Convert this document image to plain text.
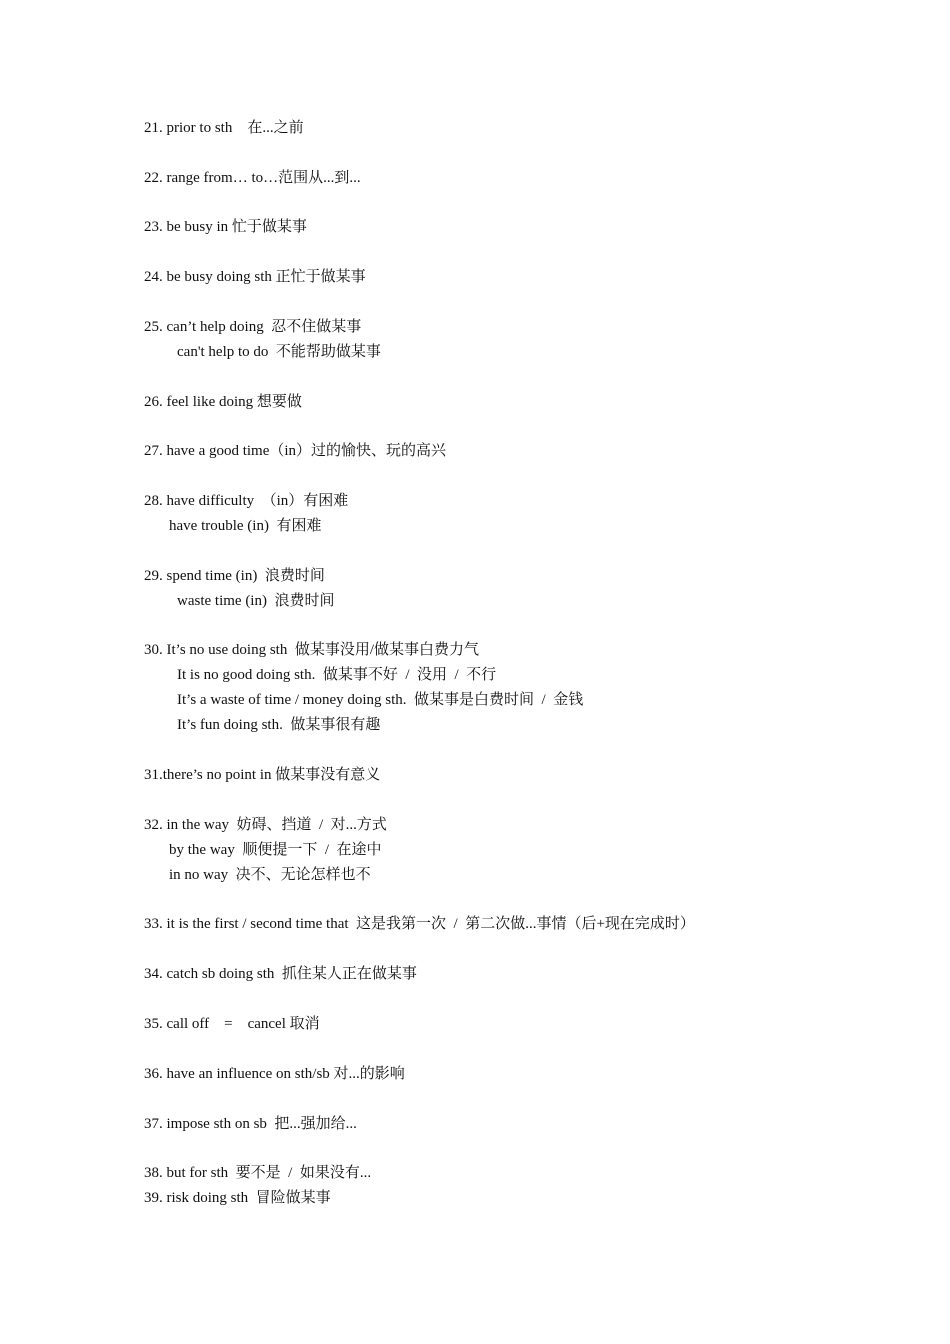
21. prior to sth    在...之前
22. range from… to…范围从...到...
23. be busy in 忙于做某事
24. be busy doing sth 正忙于做某事
25. can’t help doing  忍不住做某事
can't help to do  不能帮助做某事
26. feel like doing 想要做
27. have a good time（in）过的愉快、玩的高兴
28. have difficulty  （in）有困难
have trouble (in)  有困难
29. spend time (in)  浪费时间
waste time (in)  浪费时间
30. It’s no use doing sth  做某事没用/做某事白费力气
It is no good doing sth.  做某事不好  /  没用  /  不行
It’s a waste of time / money doing sth.  做某事是白费时间  /  金钱
It’s fun doing sth.  做某事很有趣
31.there’s no point in 做某事没有意义
32. in the way  妨碍、挡道  /  对...方式
by the way  顺便提一下  /  在途中
in no way  决不、无论怎样也不
33. it is the first / second time that  这是我第一次  /  第二次做...事情（后+现在完成时）
34. catch sb doing sth  抓住某人正在做某事
35. call off    =    cancel 取消
36. have an influence on sth/sb 对...的影响
37. impose sth on sb  把...强加给...
38. but for sth  要不是  /  如果没有...
39. risk doing sth  冒险做某事
